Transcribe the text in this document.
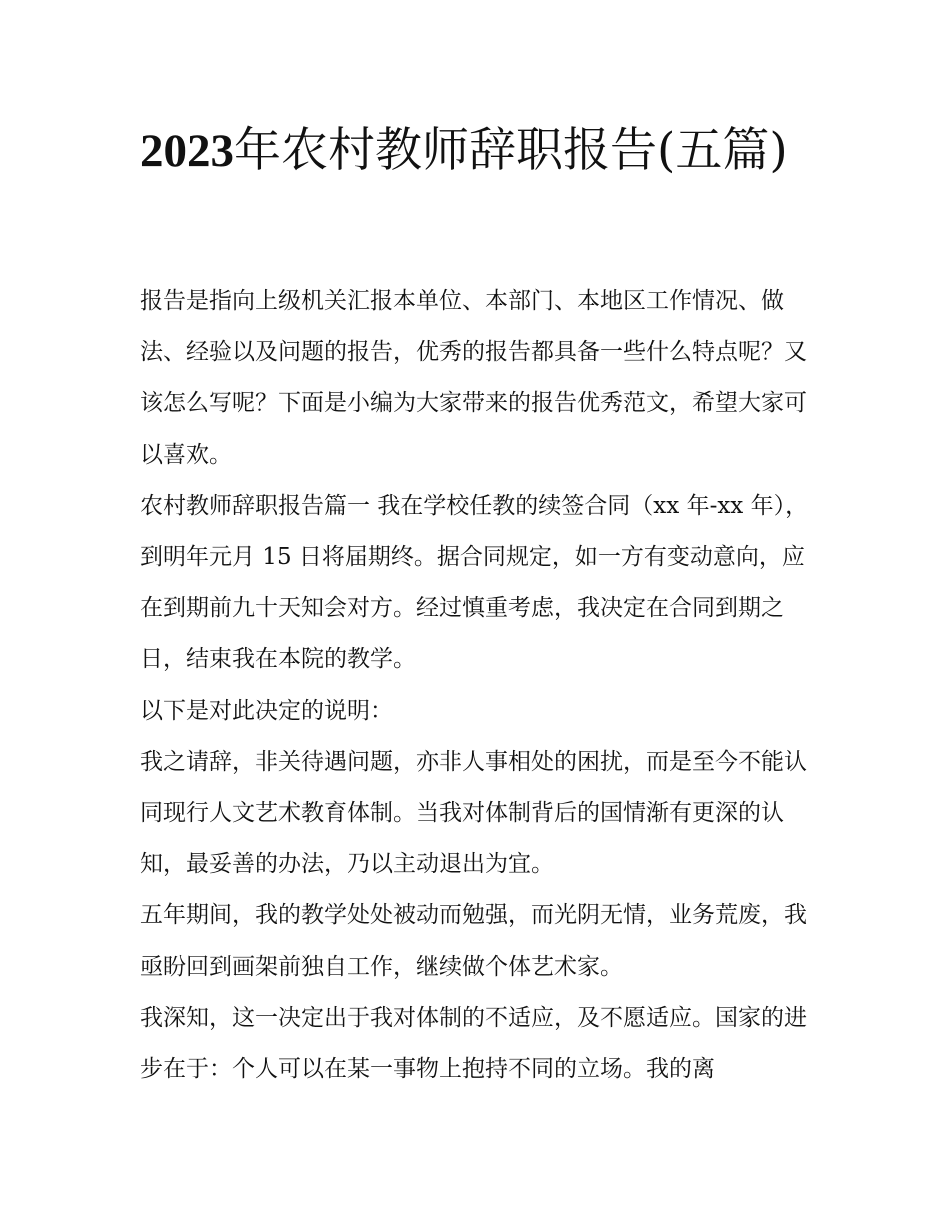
2023年农村教师辞职报告(五篇)

报告是指向上级机关汇报本单位、本部门、本地区工作情况、做法、经验以及问题的报告，优秀的报告都具备一些什么特点呢？又该怎么写呢？下面是小编为大家带来的报告优秀范文，希望大家可以喜欢。

农村教师辞职报告篇一 我在学校任教的续签合同（xx 年-xx 年），到明年元月 15 日将届期终。据合同规定，如一方有变动意向，应在到期前九十天知会对方。经过慎重考虑，我决定在合同到期之日，结束我在本院的教学。

以下是对此决定的说明：

我之请辞，非关待遇问题，亦非人事相处的困扰，而是至今不能认同现行人文艺术教育体制。当我对体制背后的国情渐有更深的认知，最妥善的办法，乃以主动退出为宜。

五年期间，我的教学处处被动而勉强，而光阴无情，业务荒废，我亟盼回到画架前独自工作，继续做个体艺术家。

我深知，这一决定出于我对体制的不适应，及不愿适应。国家的进步在于：个人可以在某一事物上抱持不同的立场。我的离
